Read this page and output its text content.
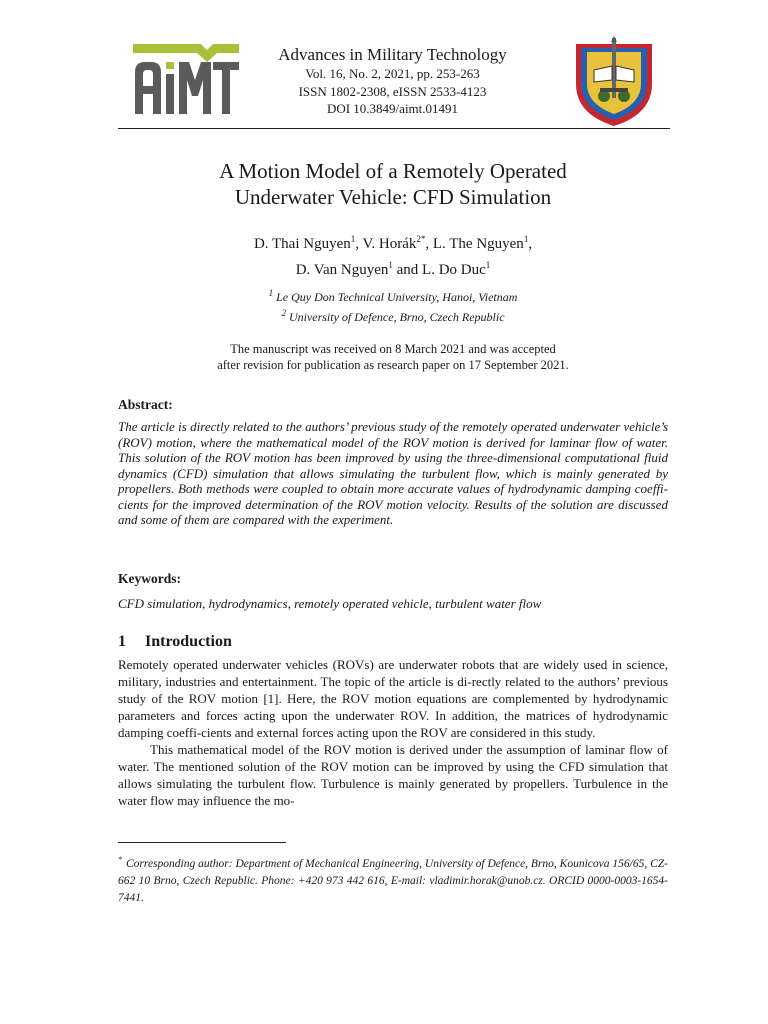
Advances in Military Technology
Vol. 16, No. 2, 2021, pp. 253-263
ISSN 1802-2308, eISSN 2533-4123
DOI 10.3849/aimt.01491
A Motion Model of a Remotely Operated
Underwater Vehicle: CFD Simulation
D. Thai Nguyen$^1$, V. Horák$^{2*}$, L. The Nguyen$^1$,
D. Van Nguyen$^1$ and L. Do Duc$^1$
$^1$ Le Quy Don Technical University, Hanoi, Vietnam
$^2$ University of Defence, Brno, Czech Republic
The manuscript was received on 8 March 2021 and was accepted
after revision for publication as research paper on 17 September 2021.
Abstract:
The article is directly related to the authors’ previous study of the remotely operated underwater vehicle’s (ROV) motion, where the mathematical model of the ROV motion is derived for laminar flow of water. This solution of the ROV motion has been improved by using the three-dimensional computational fluid dynamics (CFD) simulation that allows simulating the turbulent flow, which is mainly generated by propellers. Both methods were coupled to obtain more accurate values of hydrodynamic damping coeffi-cients for the improved determination of the ROV motion velocity. Results of the solution are discussed and some of them are compared with the experiment.
Keywords:
CFD simulation, hydrodynamics, remotely operated vehicle, turbulent water flow
1 Introduction

Remotely operated underwater vehicles (ROVs) are underwater robots that are widely used in science, military, industries and entertainment. The topic of the article is di-rectly related to the authors’ previous study of the ROV motion [1]. Here, the ROV motion equations are complemented by hydrodynamic parameters and forces acting upon the underwater ROV. In addition, the matrices of hydrodynamic damping coeffi-cients and external forces acting upon the ROV are considered in this study.

This mathematical model of the ROV motion is derived under the assumption of laminar flow of water. The mentioned solution of the ROV motion can be improved by using the CFD simulation that allows simulating the turbulent flow. Turbulence is mainly generated by propellers. Turbulence in the water flow may influence the mo-

* Corresponding author: Department of Mechanical Engineering, University of Defence, Brno, Kounicova 156/65, CZ-662 10 Brno, Czech Republic. Phone: +420 973 442 616, E-mail: vladimir.horak@unob.cz. ORCID 0000-0003-1654-7441.
